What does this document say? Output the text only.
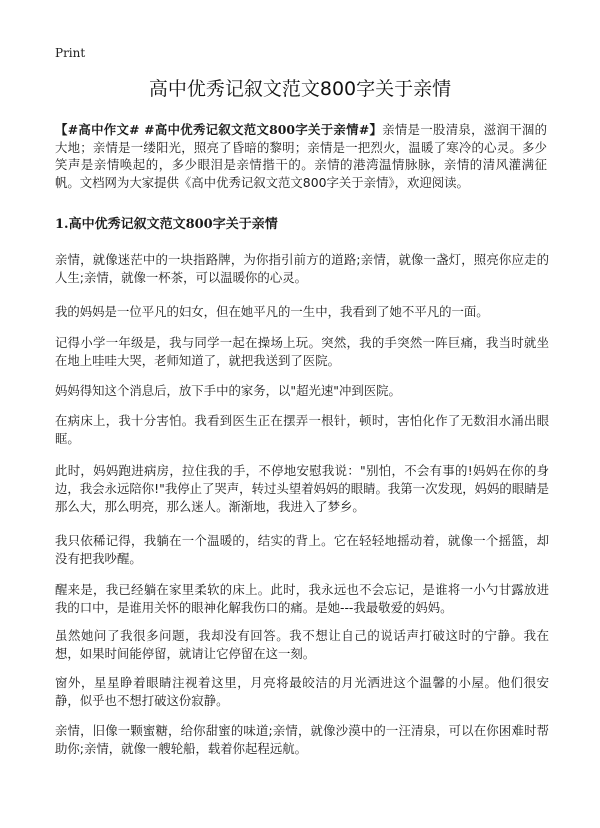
Print
高中优秀记叙文范文800字关于亲情

【#高中作文# #高中优秀记叙文范文800字关于亲情#】亲情是一股清泉，滋润干涸的大地；亲情是一缕阳光，照亮了昏暗的黎明；亲情是一把烈火，温暖了寒冷的心灵。多少笑声是亲情唤起的，多少眼泪是亲情揩干的。亲情的港湾温情脉脉，亲情的清风灌满征帆。文档网为大家提供《高中优秀记叙文范文800字关于亲情》，欢迎阅读。

1.高中优秀记叙文范文800字关于亲情

亲情，就像迷茫中的一块指路牌，为你指引前方的道路;亲情，就像一盏灯，照亮你应走的人生;亲情，就像一杯茶，可以温暖你的心灵。

我的妈妈是一位平凡的妇女，但在她平凡的一生中，我看到了她不平凡的一面。

记得小学一年级是，我与同学一起在操场上玩。突然，我的手突然一阵巨痛，我当时就坐在地上哇哇大哭，老师知道了，就把我送到了医院。

妈妈得知这个消息后，放下手中的家务，以"超光速"冲到医院。

在病床上，我十分害怕。我看到医生正在摆弄一根针，顿时，害怕化作了无数泪水涌出眼眶。

此时，妈妈跑进病房，拉住我的手，不停地安慰我说："别怕，不会有事的!妈妈在你的身边，我会永远陪你!"我停止了哭声，转过头望着妈妈的眼睛。我第一次发现，妈妈的眼睛是那么大，那么明亮，那么迷人。渐渐地，我进入了梦乡。

我只依稀记得，我躺在一个温暖的，结实的背上。它在轻轻地摇动着，就像一个摇篮，却没有把我吵醒。

醒来是，我已经躺在家里柔软的床上。此时，我永远也不会忘记，是谁将一小勺甘露放进我的口中，是谁用关怀的眼神化解我伤口的痛。是她---我最敬爱的妈妈。

虽然她问了我很多问题，我却没有回答。我不想让自己的说话声打破这时的宁静。我在想，如果时间能停留，就请让它停留在这一刻。

窗外，星星睁着眼睛注视着这里，月亮将最皎洁的月光洒进这个温馨的小屋。他们很安静，似乎也不想打破这份寂静。

亲情，旧像一颗蜜糖，给你甜蜜的味道;亲情，就像沙漠中的一汪清泉，可以在你困难时帮助你;亲情，就像一艘轮船，载着你起程远航。
